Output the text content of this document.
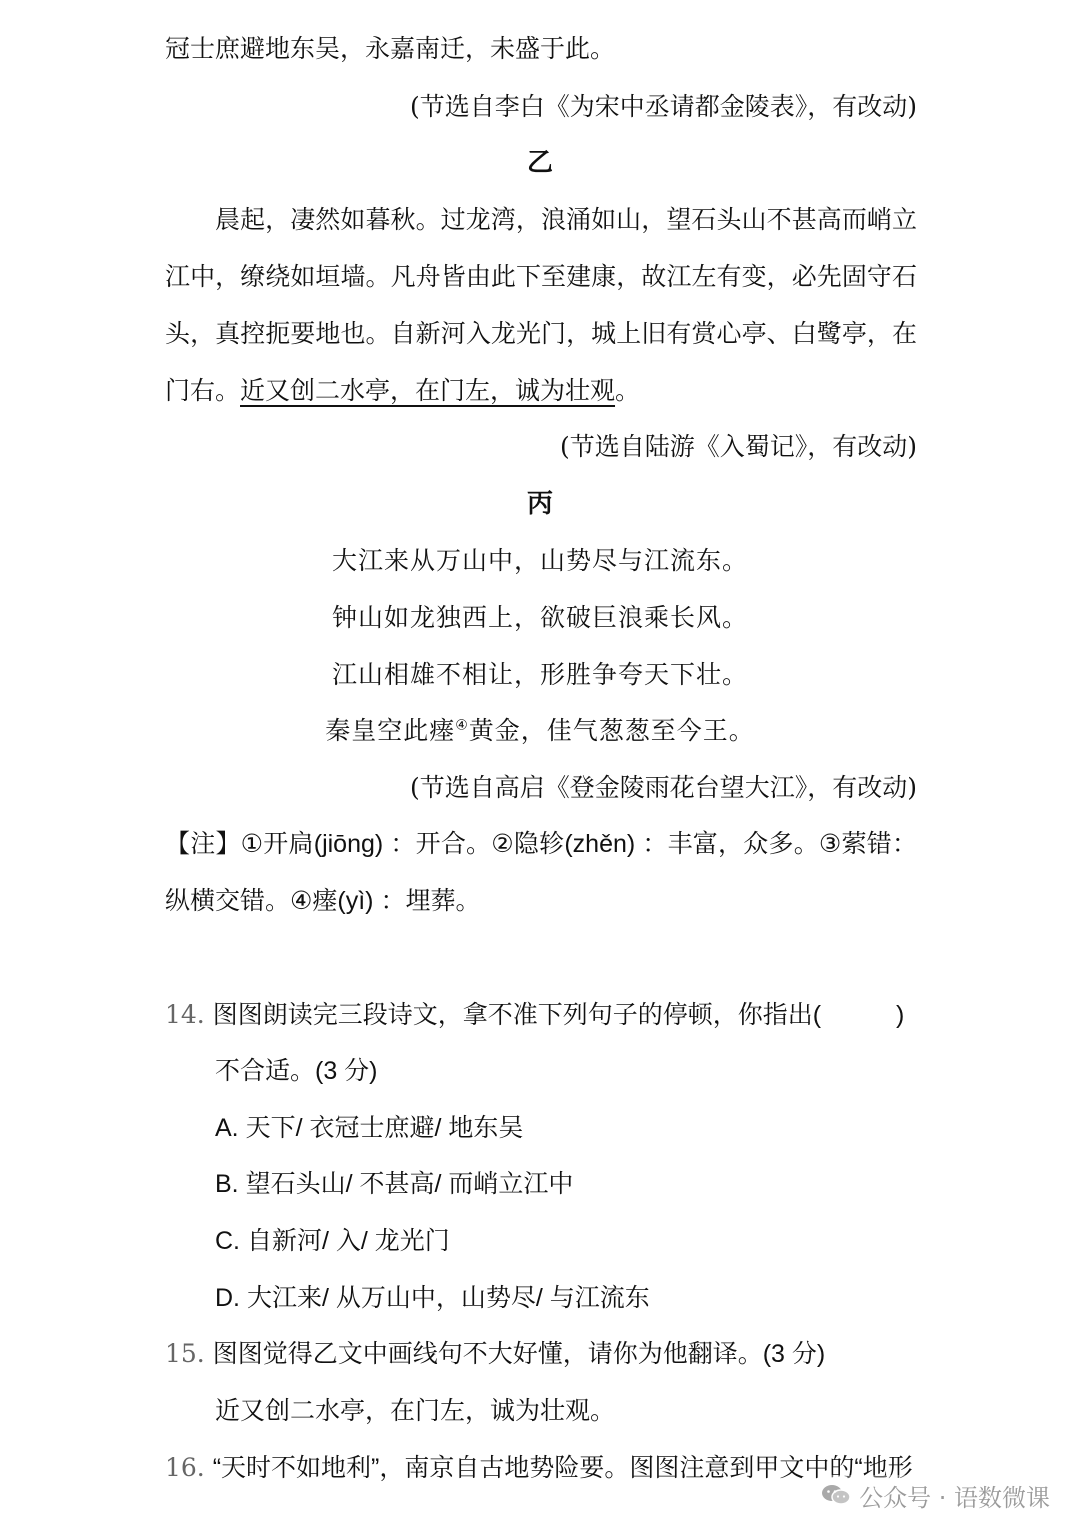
冠士庶避地东吴，永嘉南迁，未盛于此。
(节选自李白《为宋中丞请都金陵表》，有改动)
乙
晨起，凄然如暮秋。过龙湾，浪涌如山，望石头山不甚高而峭立
江中，缭绕如垣墙。凡舟皆由此下至建康，故江左有变，必先固守石
头，真控扼要地也。自新河入龙光门，城上旧有赏心亭、白鹭亭，在
门右。近又创二水亭，在门左，诚为壮观。
(节选自陆游《入蜀记》，有改动)
丙
大江来从万山中，山势尽与江流东。
钟山如龙独西上，欲破巨浪乘长风。
江山相雄不相让，形胜争夸天下壮。
秦皇空此瘗④黄金，佳气葱葱至今王。
(节选自高启《登金陵雨花台望大江》，有改动)
【注】①开扃(jiōng) ：开合。②隐轸(zhěn) ：丰富，众多。③萦错：
纵横交错。④瘗(yì) ：埋葬。
14. 图图朗读完三段诗文，拿不准下列句子的停顿，你指出(	)
不合适。(3 分)
A. 天下/ 衣冠士庶避/ 地东吴
B. 望石头山/ 不甚高/ 而峭立江中
C. 自新河/ 入/ 龙光门
D. 大江来/ 从万山中，山势尽/ 与江流东
15. 图图觉得乙文中画线句不大好懂，请你为他翻译。(3 分)
近又创二水亭，在门左，诚为壮观。
16. “天时不如地利”，南京自古地势险要。图图注意到甲文中的“地形
公众号 · 语数微课
